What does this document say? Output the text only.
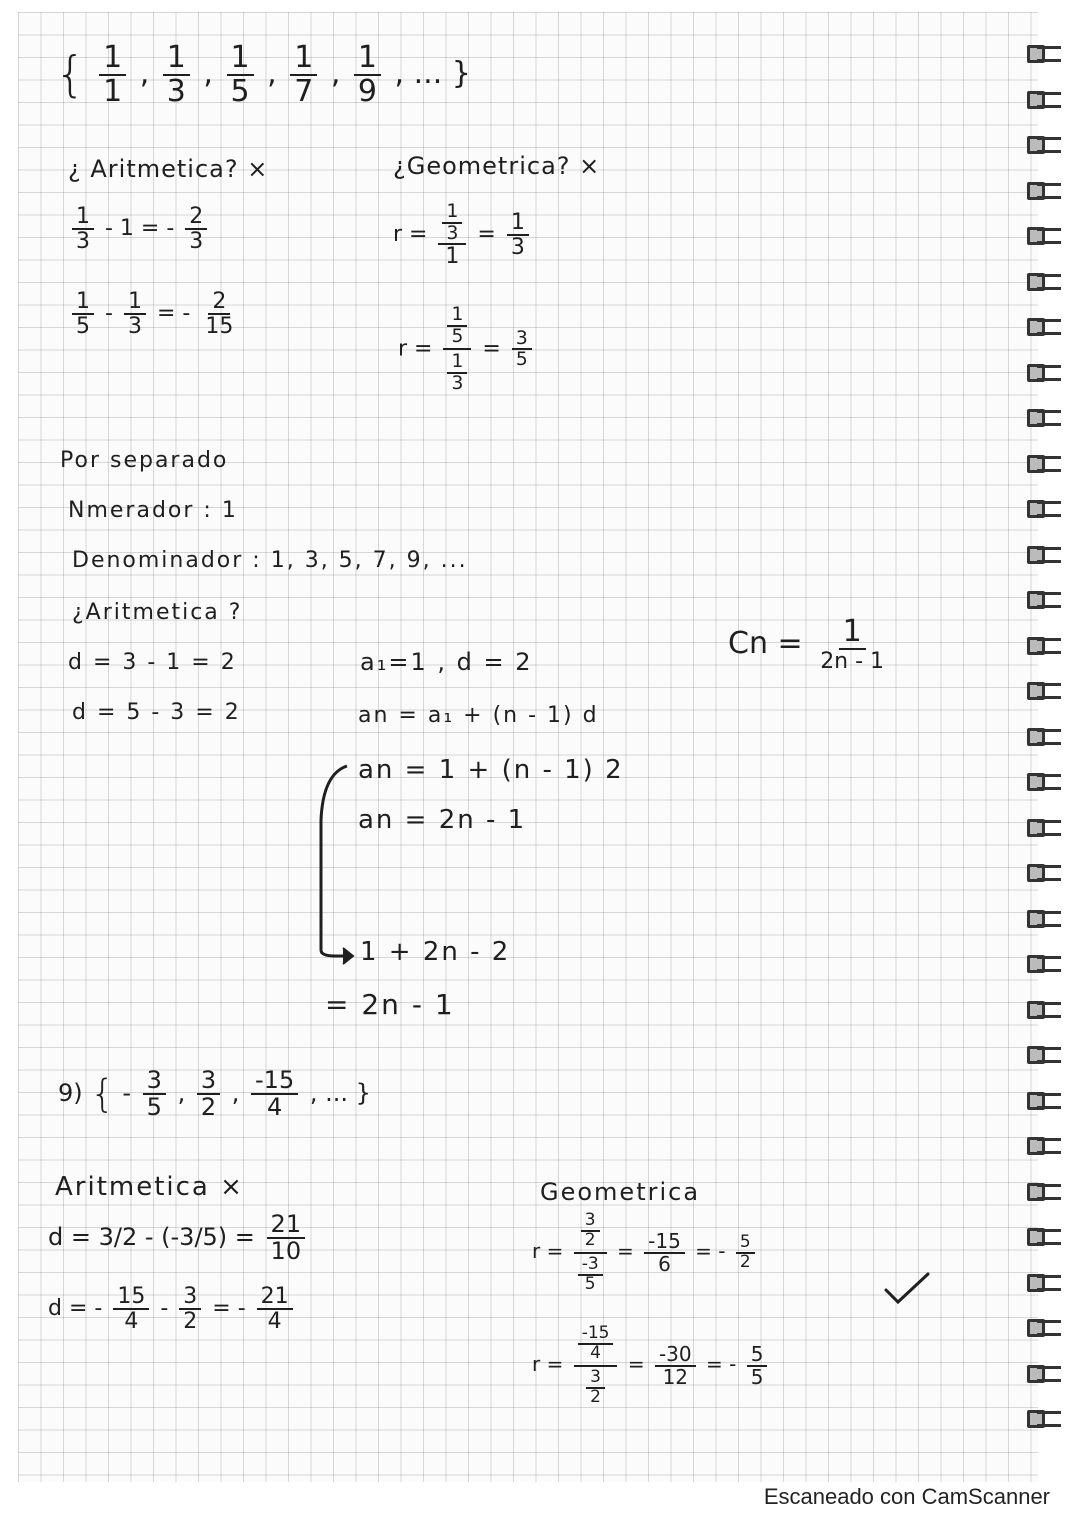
{ $\frac{1}{1}$ , $\frac{1}{3}$ , $\frac{1}{5}$ , $\frac{1}{7}$ , $\frac{1}{9}$ , ... }
¿ Aritmetica? ×	¿Geometrica? ×
$\frac{1}{3} - 1$ = - $\frac{2}{3}$
$\frac{1}{5} - \frac{1}{3}$ = - $\frac{2}{15}$
$r = \frac{\frac{1}{3}}{1} = \frac{1}{3}$
$r = \frac{\frac{1}{5}}{\frac{1}{3}} = \frac{3}{5}$
Por separado
Nmerador : 1
Denominador : 1, 3, 5, 7, 9, ...
¿Aritmetica ?
d = 3 - 1 = 2
d = 5 - 3 = 2
a₁=1 , d = 2
an = a₁ + (n - 1) d
an = 1 + (n - 1) 2
an = 2n - 1
1 + 2n - 2
= 2n - 1
$Cn = \frac{1}{2n - 1}$
9) { - $\frac{3}{5}$ , $\frac{3}{2}$ , $\frac{-15}{4}$ , ... }
Aritmetica ×	Geometrica
$d = 3/2 - (-3/5) = \frac{21}{10}$
d = - $\frac{15}{4} - \frac{3}{2}$ = - $\frac{21}{4}$
$r = \frac{\frac{3}{2}}{\frac{-3}{5}} = \frac{-15}{6}$ = - $\frac{5}{2}$
$r = \frac{\frac{-15}{4}}{\frac{3}{2}} = \frac{-30}{12}$ = - $\frac{5}{5}$
Escaneado con CamScanner
